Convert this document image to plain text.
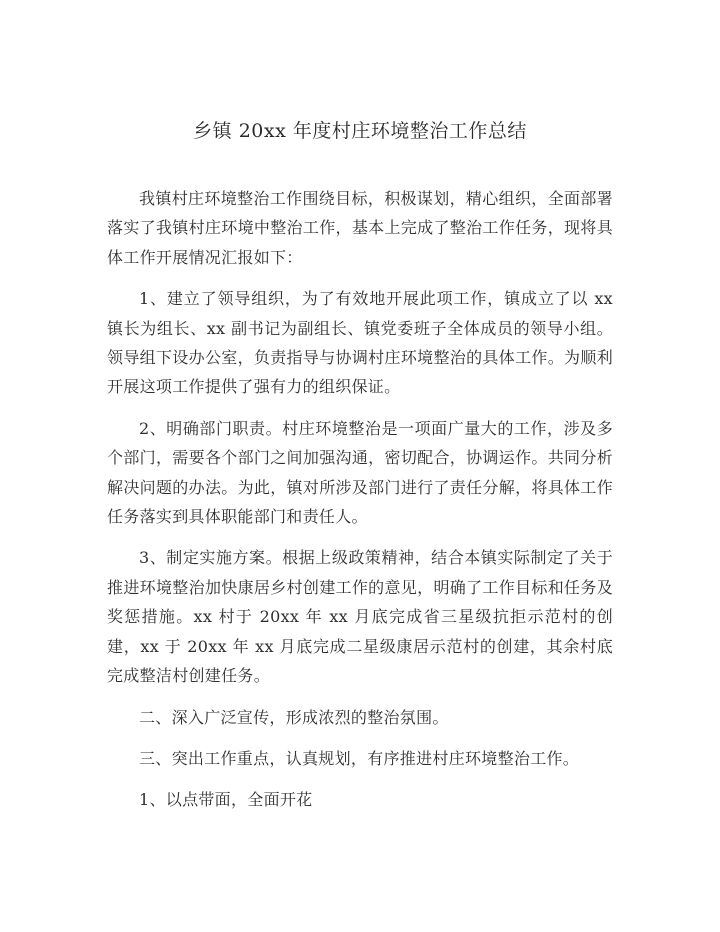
乡镇 20xx 年度村庄环境整治工作总结

我镇村庄环境整治工作围绕目标，积极谋划，精心组织，全面部署落实了我镇村庄环境中整治工作，基本上完成了整治工作任务，现将具体工作开展情况汇报如下：

1、建立了领导组织，为了有效地开展此项工作，镇成立了以 xx 镇长为组长、xx 副书记为副组长、镇党委班子全体成员的领导小组。领导组下设办公室，负责指导与协调村庄环境整治的具体工作。为顺利开展这项工作提供了强有力的组织保证。

2、明确部门职责。村庄环境整治是一项面广量大的工作，涉及多个部门，需要各个部门之间加强沟通，密切配合，协调运作。共同分析解决问题的办法。为此，镇对所涉及部门进行了责任分解，将具体工作任务落实到具体职能部门和责任人。

3、制定实施方案。根据上级政策精神，结合本镇实际制定了关于推进环境整治加快康居乡村创建工作的意见，明确了工作目标和任务及奖惩措施。xx 村于 20xx 年 xx 月底完成省三星级抗拒示范村的创建，xx 于 20xx 年 xx 月底完成二星级康居示范村的创建，其余村底完成整洁村创建任务。

二、深入广泛宣传，形成浓烈的整治氛围。

三、突出工作重点，认真规划，有序推进村庄环境整治工作。

1、以点带面，全面开花
